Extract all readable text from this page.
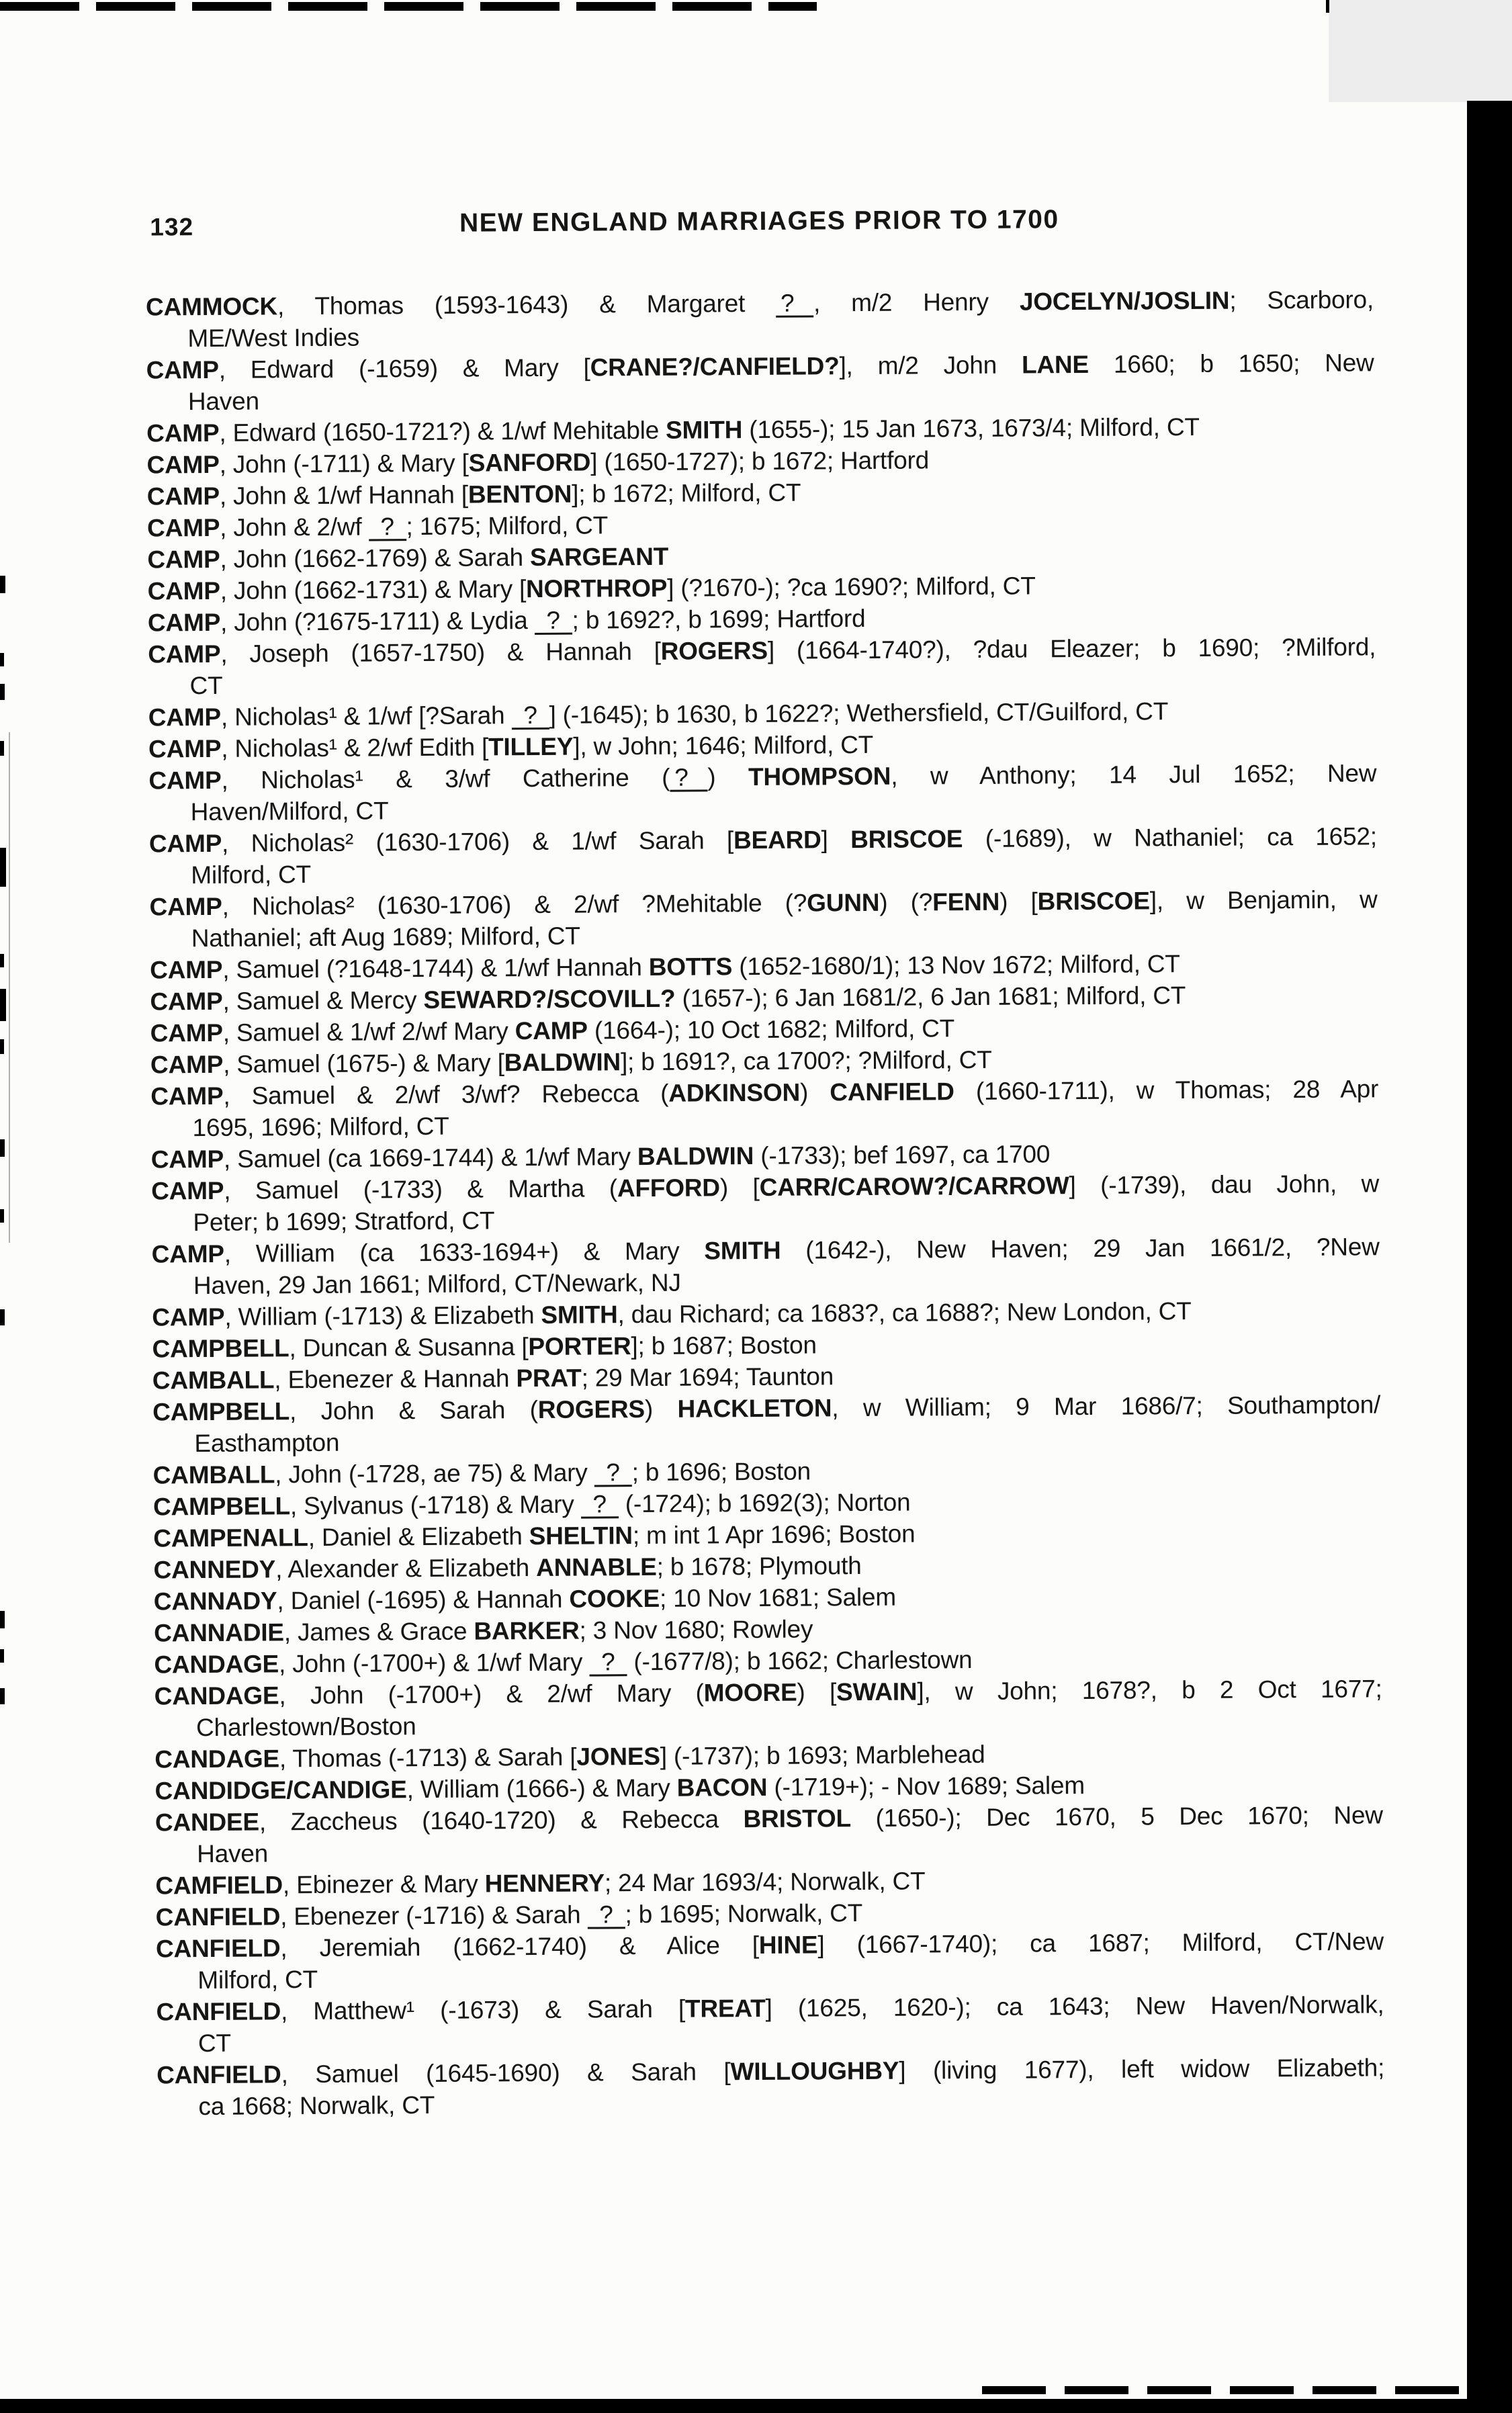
132	NEW ENGLAND MARRIAGES PRIOR TO 1700
CAMMOCK, Thomas (1593-1643) & Margaret ? , m/2 Henry JOCELYN/JOSLIN; Scarboro,
ME/West Indies
CAMP, Edward (-1659) & Mary [CRANE?/CANFIELD?], m/2 John LANE 1660; b 1650; New
Haven
CAMP, Edward (1650-1721?) & 1/wf Mehitable SMITH (1655-); 15 Jan 1673, 1673/4; Milford, CT
CAMP, John (-1711) & Mary [SANFORD] (1650-1727); b 1672; Hartford
CAMP, John & 1/wf Hannah [BENTON]; b 1672; Milford, CT
CAMP, John & 2/wf ? ; 1675; Milford, CT
CAMP, John (1662-1769) & Sarah SARGEANT
CAMP, John (1662-1731) & Mary [NORTHROP] (?1670-); ?ca 1690?; Milford, CT
CAMP, John (?1675-1711) & Lydia ? ; b 1692?, b 1699; Hartford
CAMP, Joseph (1657-1750) & Hannah [ROGERS] (1664-1740?), ?dau Eleazer; b 1690; ?Milford,
CT
CAMP, Nicholas¹ & 1/wf [?Sarah ? ] (-1645); b 1630, b 1622?; Wethersfield, CT/Guilford, CT
CAMP, Nicholas¹ & 2/wf Edith [TILLEY], w John; 1646; Milford, CT
CAMP, Nicholas¹ & 3/wf Catherine ( ? ) THOMPSON, w Anthony; 14 Jul 1652; New
Haven/Milford, CT
CAMP, Nicholas² (1630-1706) & 1/wf Sarah [BEARD] BRISCOE (-1689), w Nathaniel; ca 1652;
Milford, CT
CAMP, Nicholas² (1630-1706) & 2/wf ?Mehitable (?GUNN) (?FENN) [BRISCOE], w Benjamin, w
Nathaniel; aft Aug 1689; Milford, CT
CAMP, Samuel (?1648-1744) & 1/wf Hannah BOTTS (1652-1680/1); 13 Nov 1672; Milford, CT
CAMP, Samuel & Mercy SEWARD?/SCOVILL? (1657-); 6 Jan 1681/2, 6 Jan 1681; Milford, CT
CAMP, Samuel & 1/wf 2/wf Mary CAMP (1664-); 10 Oct 1682; Milford, CT
CAMP, Samuel (1675-) & Mary [BALDWIN]; b 1691?, ca 1700?; ?Milford, CT
CAMP, Samuel & 2/wf 3/wf? Rebecca (ADKINSON) CANFIELD (1660-1711), w Thomas; 28 Apr
1695, 1696; Milford, CT
CAMP, Samuel (ca 1669-1744) & 1/wf Mary BALDWIN (-1733); bef 1697, ca 1700
CAMP, Samuel (-1733) & Martha (AFFORD) [CARR/CAROW?/CARROW] (-1739), dau John, w
Peter; b 1699; Stratford, CT
CAMP, William (ca 1633-1694+) & Mary SMITH (1642-), New Haven; 29 Jan 1661/2, ?New
Haven, 29 Jan 1661; Milford, CT/Newark, NJ
CAMP, William (-1713) & Elizabeth SMITH, dau Richard; ca 1683?, ca 1688?; New London, CT
CAMPBELL, Duncan & Susanna [PORTER]; b 1687; Boston
CAMBALL, Ebenezer & Hannah PRAT; 29 Mar 1694; Taunton
CAMPBELL, John & Sarah (ROGERS) HACKLETON, w William; 9 Mar 1686/7; Southampton/
Easthampton
CAMBALL, John (-1728, ae 75) & Mary ? ; b 1696; Boston
CAMPBELL, Sylvanus (-1718) & Mary ? (-1724); b 1692(3); Norton
CAMPENALL, Daniel & Elizabeth SHELTIN; m int 1 Apr 1696; Boston
CANNEDY, Alexander & Elizabeth ANNABLE; b 1678; Plymouth
CANNADY, Daniel (-1695) & Hannah COOKE; 10 Nov 1681; Salem
CANNADIE, James & Grace BARKER; 3 Nov 1680; Rowley
CANDAGE, John (-1700+) & 1/wf Mary ? (-1677/8); b 1662; Charlestown
CANDAGE, John (-1700+) & 2/wf Mary (MOORE) [SWAIN], w John; 1678?, b 2 Oct 1677;
Charlestown/Boston
CANDAGE, Thomas (-1713) & Sarah [JONES] (-1737); b 1693; Marblehead
CANDIDGE/CANDIGE, William (1666-) & Mary BACON (-1719+); - Nov 1689; Salem
CANDEE, Zaccheus (1640-1720) & Rebecca BRISTOL (1650-); Dec 1670, 5 Dec 1670; New
Haven
CAMFIELD, Ebinezer & Mary HENNERY; 24 Mar 1693/4; Norwalk, CT
CANFIELD, Ebenezer (-1716) & Sarah ? ; b 1695; Norwalk, CT
CANFIELD, Jeremiah (1662-1740) & Alice [HINE] (1667-1740); ca 1687; Milford, CT/New
Milford, CT
CANFIELD, Matthew¹ (-1673) & Sarah [TREAT] (1625, 1620-); ca 1643; New Haven/Norwalk,
CT
CANFIELD, Samuel (1645-1690) & Sarah [WILLOUGHBY] (living 1677), left widow Elizabeth;
ca 1668; Norwalk, CT
